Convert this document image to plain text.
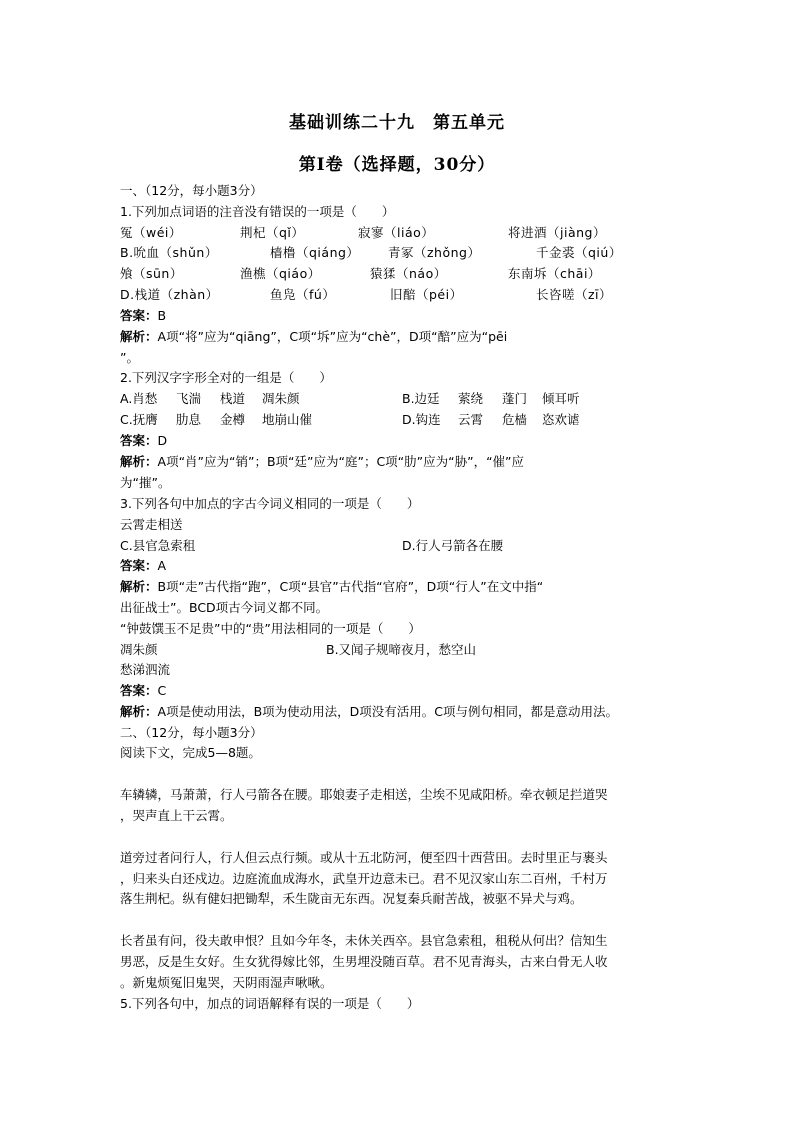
基础训练二十九　第五单元
第Ⅰ卷（选择题，30分）
一、（12分，每小题3分）
1.下列加点词语的注音没有错误的一项是（　　）
冤（wéi）	荆杞（qǐ）	寂寥（liáo）	将进酒（jiàng）
B.吮血（shǔn）	樯橹（qiáng） 青冢（zhǒng）	千金裘（qiú）
飧（sūn）	渔樵（qiáo）	猿猱（náo）	东南坼（chāi）
D.栈道（zhàn）	鱼凫（fú）	旧醅（péi）	长咨嗟（zī）
答案：B
解析：A项“将”应为“qiāng”，C项“坼”应为“chè”，D项“醅”应为“pēi
”。
2.下列汉字字形全对的一组是（　　）
A.肖愁 飞湍 栈道 凋朱颜	B.边廷 萦绕 蓬门 倾耳听
C.抚膺 肋息 金樽 地崩山催	D.钩连 云霄 危樯 恣欢谑
答案：D
解析：A项“肖”应为“销”；B项“廷”应为“庭”；C项“肋”应为“胁”，“催”应
为“摧”。
3.下列各句中加点的字古今词义相同的一项是（　　）
云霄走相送
C.县官急索租	D.行人弓箭各在腰
答案：A
解析：B项“走”古代指“跑”，C项“县官”古代指“官府”，D项“行人”在文中指“
出征战士”。BCD项古今词义都不同。
“钟鼓馔玉不足贵”中的“贵”用法相同的一项是（　　）
凋朱颜	B.又闻子规啼夜月，愁空山
愁涕泗流
答案：C
解析：A项是使动用法，B项为使动用法，D项没有活用。C项与例句相同，都是意动用法。
二、（12分，每小题3分）
阅读下文，完成5—8题。
车辚辚，马萧萧，行人弓箭各在腰。耶娘妻子走相送，尘埃不见咸阳桥。牵衣顿足拦道哭
，哭声直上干云霄。
道旁过者问行人，行人但云点行频。或从十五北防河，便至四十西营田。去时里正与裹头
，归来头白还戍边。边庭流血成海水，武皇开边意未已。君不见汉家山东二百州，千村万
落生荆杞。纵有健妇把锄犁，禾生陇亩无东西。况复秦兵耐苦战，被驱不异犬与鸡。
长者虽有问，役夫敢申恨？且如今年冬，未休关西卒。县官急索租，租税从何出？信知生
男恶，反是生女好。生女犹得嫁比邻，生男埋没随百草。君不见青海头，古来白骨无人收
。新鬼烦冤旧鬼哭，天阴雨湿声啾啾。
5.下列各句中，加点的词语解释有误的一项是（　　）
